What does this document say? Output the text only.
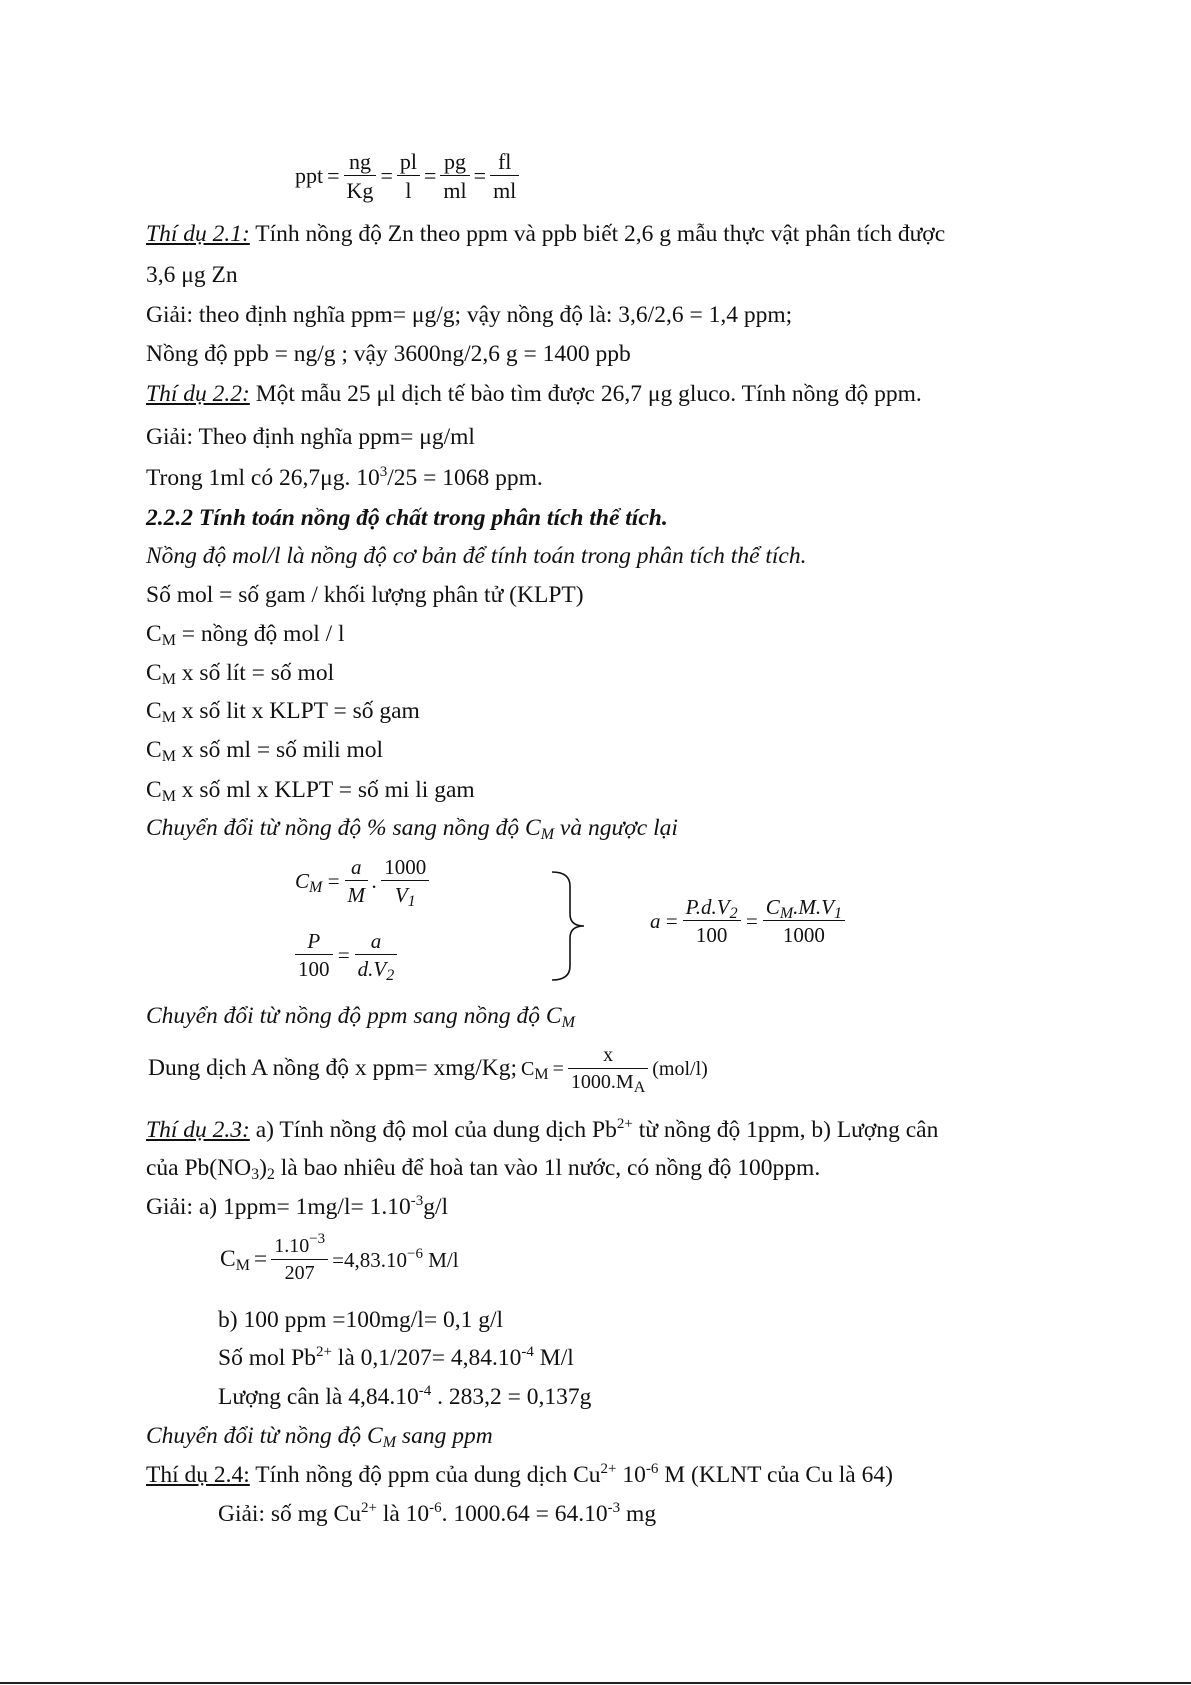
ppt = $\frac{ng}{Kg} = \frac{pl}{l} = \frac{pg}{ml} = \frac{fl}{ml}$
Thí dụ 2.1: Tính nồng độ Zn theo ppm và ppb biết 2,6 g mẫu thực vật phân tích được
3,6 μg Zn
Giải: theo định nghĩa ppm= μg/g; vậy nồng độ là: 3,6/2,6 = 1,4 ppm;
Nồng độ ppb = ng/g ; vậy 3600ng/2,6 g = 1400 ppb
Thí dụ 2.2: Một mẫu 25 μl dịch tế bào tìm được 26,7 μg gluco. Tính nồng độ ppm.
Giải: Theo định nghĩa ppm= μg/ml
Trong 1ml có 26,7μg. $10^3/25 = 1068$ ppm.
2.2.2 Tính toán nồng độ chất trong phân tích thể tích.
Nồng độ mol/l là nồng độ cơ bản để tính toán trong phân tích thể tích.
Số mol = số gam / khối lượng phân tử (KLPT)
$C_M$ = nồng độ mol / l
$C_M$ x số lít = số mol
$C_M$ x số lit x KLPT = số gam
$C_M$ x số ml = số mili mol
$C_M$ x số ml x KLPT = số mi li gam
Chuyển đổi từ nồng độ % sang nồng độ $C_M$ và ngược lại
$C_M = \frac{a}{M}$ . $\frac{1000}{V_1}$
$\frac{P}{100} = \frac{a}{d.V_2}$
$a = \frac{P.d.V_2}{100} = \frac{C_M.M.V_1}{1000}$
Chuyển đổi từ nồng độ ppm sang nồng độ $C_M$
Dung dịch A nồng độ x ppm= xmg/Kg; $C_M = \frac{x}{1000.M_A} (mol/l)$
Thí dụ 2.3: a) Tính nồng độ mol của dung dịch $Pb^{2+}$ từ nồng độ 1ppm, b) Lượng cân
của $Pb(NO_3)_2$ là bao nhiêu để hoà tan vào 1l nước, có nồng độ 100ppm.
Giải: a) $1ppm= 1mg/l= 1.10^{-3}g/l$
$C_M= \frac{1.10^{-3}}{207} =4,83.10^{-6}$ M/l
b) 100 ppm =100mg/l= 0,1 g/l
Số mol $Pb^{2+}$ là $0,1/207= 4,84.10^{-4}$ M/l
Lượng cân là $4,84.10^{-4}$ . 283,2 = 0,137g
Chuyển đổi từ nồng độ $C_M$ sang ppm
Thí dụ 2.4: Tính nồng độ ppm của dung dịch $Cu^{2+}$ $10^{-6}$ M (KLNT của Cu là 64)
Giải: số mg $Cu^{2+}$ là $10^{-6}$. $1000.64 = 64.10^{-3}$ mg
